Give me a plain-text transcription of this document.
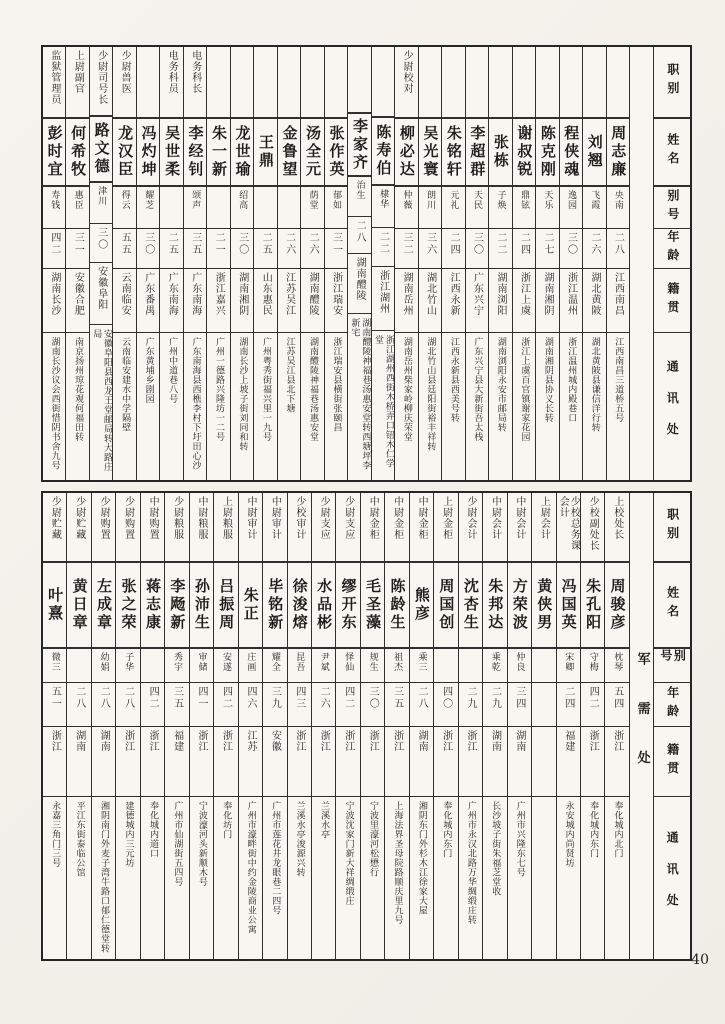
监狱管理员
彭时宜
寿钱
四二
湖南长沙
湖南长沙议会西街惜阴书舍九号
上尉副官
何希牧
惠臣
三一
安徽合肥
南京扬州琼花观何福田转
少尉司号长
路文德
津川
三〇
安徽阜阳
安徽阜阳县西龙王堂邮局转大路庄局
少尉兽医
龙汉臣
得云
五五
云南临安
云南临安建水中学隔壁
冯灼坤
耀芝
三〇
广东番禺
广东黄埔乡剧园
电务科员
吴世柔
二五
广东南海
广州中道巷八号
电务科长
李经钊
颂声
三五
广东南海
广东南海县西樵李村下圩田心沙
朱一新
二一
浙江嘉兴
广州一德路兴隆坊一二号
龙世瑜
绍高
三〇
湖南湘阴
湖南长沙上坡子街刘同和转
王鼎
二五
山东惠民
广州粤秀街福兴里一九号
金鲁望
二六
江苏吴江
江苏吴江县北下塘
汤全元
荫堂
二六
湖南醴陵
湖南醴陵神福巷汤惠安堂
张作英
郁如
三一
浙江瑞安
浙江瑞安县横街张颐昌
李家齐
治生
二八
湖南醴陵
湖南醴陵神福巷汤惠安堂转西塘坪李新宅
陈寿伯
棣华
二二
浙江湖州
浙江湖州西街木桥弄口钮木仁学堂
少尉校对
柳必达
仲薇
三二
湖南岳州
湖南岳州柴家岭柳庆荣堂
吴光寰
朗川
三六
湖北竹山
湖北竹山县廷阳街裕丰祥转
朱铭轩
元礼
二四
江西永新
江西永新县西美号转
李超群
天民
三〇
广东兴宁
广东兴宁县大新街吾太栈
张栋
子焕
二二
湖南浏阳
湖南浏阳永安市邮局转
谢叔锐
鼎铉
二四
浙江上虞
浙江上虞百官镇谢家花园
陈克刚
天乐
二七
湖南湘阴
湖南湘阴县协义长转
程侠魂
逸园
三〇
浙江温州
浙江温州城内殿巷口
刘翘
飞霞
二六
湖北黄陂
湖北黄陂县谦信洋行转
周志廉
央南
二八
江西南昌
江西南昌三道桥五号
职别
姓名
别号
年龄
籍贯
通讯处
少尉贮藏
叶熹
微三
五一
浙江
永嘉三角门三号
少尉贮藏
黄日章
二八
湖南
平江东街泰临公馆
少尉购置
左成章
幼娟
二八
湖南
湘阴南门外麦子湾牛路口郁仁德堂转
少尉购置
张之荣
子华
二八
浙江
建德城内三元坊
中尉购置
蒋志康
四二
浙江
奉化城内道口
少尉粮服
李飏新
秀宇
三五
福建
广州市仙湖街五四号
中尉粮服
孙沛生
审储
四一
浙江
宁波濠河头新顺木号
上尉粮服
吕振周
安遂
四二
浙江
奉化坊门
中尉审计
朱正
庄画
四六
江苏
广州市濠畔街中约金陵商业公寓
中尉审计
毕铭新
耀全
三九
安徽
广州市莲花井龙眼巷二四号
少校审计
徐浚熔
昆吾
四三
浙江
兰溪水亭浚源兴转
少尉支应
水品彬
尹斌
二六
浙江
兰溪水亭
少尉支应
缪开东
怿仙
四二
浙江
宁波沈家门新大祥绸缎庄
中尉金柜
毛圣藻
规生
三〇
浙江
宁波里濠河松懋行
中尉金柜
陈龄生
祖杰
三五
浙江
上海法界圣母院路顺庆里九号
中尉金柜
熊彦
乘三
二八
湖南
湘阴东门外杉木江徐家大屋
上尉金柜
周国创
四〇
浙江
奉化城内东门
少尉会计
沈杏生
二九
浙江
广州市永汉北路万华绸缎庄转
中尉会计
朱邦达
乘乾
二九
湖南
长沙坡子街朱福芝堂收
中尉会计
方荣波
仲良
三四
湖南
广州市兴隆东七号
上尉会计
黄侠男
少校总务课会计
冯国英
宋卿
二四
福建
永安城内尚贤坊
少校副处长
朱孔阳
守梅
四二
浙江
奉化城内东门
上校处长
周骏彦
枕琴
五四
浙江
奉化城内北门
军需处
职别
姓名
别号
年龄
籍贯
通讯处
40
